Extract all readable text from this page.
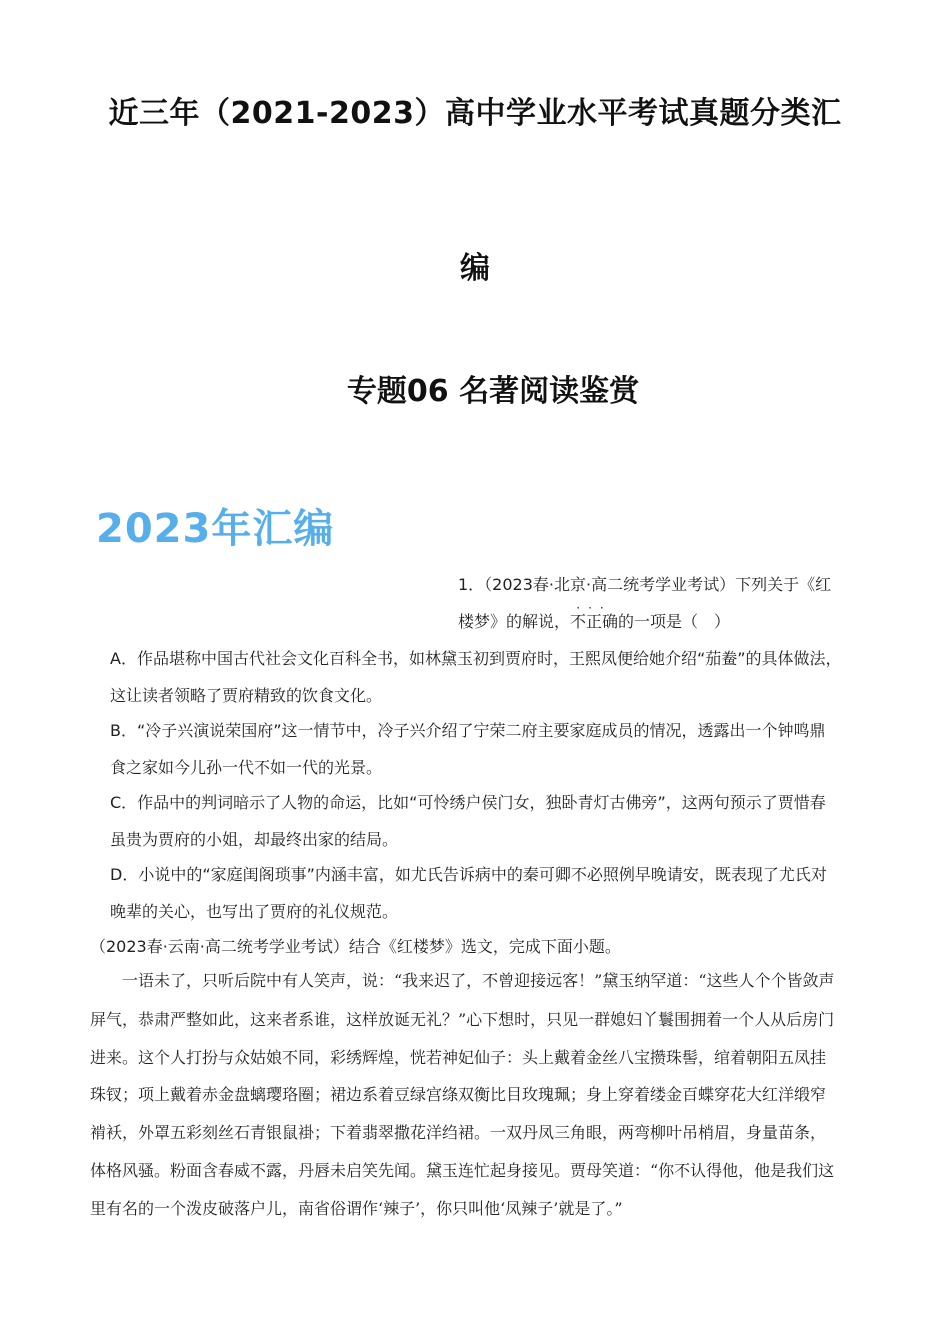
近三年（2021-2023）高中学业水平考试真题分类汇
编
专题06 名著阅读鉴赏
2023年汇编
1．（2023春·北京·高二统考学业考试）下列关于《红
楼梦》的解说，
···
不正确的一项是（　）
A．作品堪称中国古代社会文化百科全书，如林黛玉初到贾府时，王熙凤便给她介绍“茄鲞”的具体做法，
这让读者领略了贾府精致的饮食文化。
B．“冷子兴演说荣国府”这一情节中，冷子兴介绍了宁荣二府主要家庭成员的情况，透露出一个钟鸣鼎
食之家如今儿孙一代不如一代的光景。
C．作品中的判词暗示了人物的命运，比如“可怜绣户侯门女，独卧青灯古佛旁”，这两句预示了贾惜春
虽贵为贾府的小姐，却最终出家的结局。
D．小说中的“家庭闺阁琐事”内涵丰富，如尤氏告诉病中的秦可卿不必照例早晚请安，既表现了尤氏对
晚辈的关心，也写出了贾府的礼仪规范。
（2023春·云南·高二统考学业考试）结合《红楼梦》选文，完成下面小题。
　　一语未了，只听后院中有人笑声，说：“我来迟了，不曾迎接远客！”黛玉纳罕道：“这些人个个皆敛声
屏气，恭肃严整如此，这来者系谁，这样放诞无礼？”心下想时，只见一群媳妇丫鬟围拥着一个人从后房门
进来。这个人打扮与众姑娘不同，彩绣辉煌，恍若神妃仙子：头上戴着金丝八宝攒珠髻，绾着朝阳五凤挂
珠钗；项上戴着赤金盘螭璎珞圈；裙边系着豆绿宫绦双衡比目玫瑰珮；身上穿着缕金百蝶穿花大红洋缎窄
褃袄，外罩五彩刻丝石青银鼠褂；下着翡翠撒花洋绉裙。一双丹凤三角眼，两弯柳叶吊梢眉，身量苗条，
体格风骚。粉面含春威不露，丹唇未启笑先闻。黛玉连忙起身接见。贾母笑道：“你不认得他，他是我们这
里有名的一个泼皮破落户儿，南省俗谓作‘辣子’，你只叫他‘凤辣子’就是了。”
